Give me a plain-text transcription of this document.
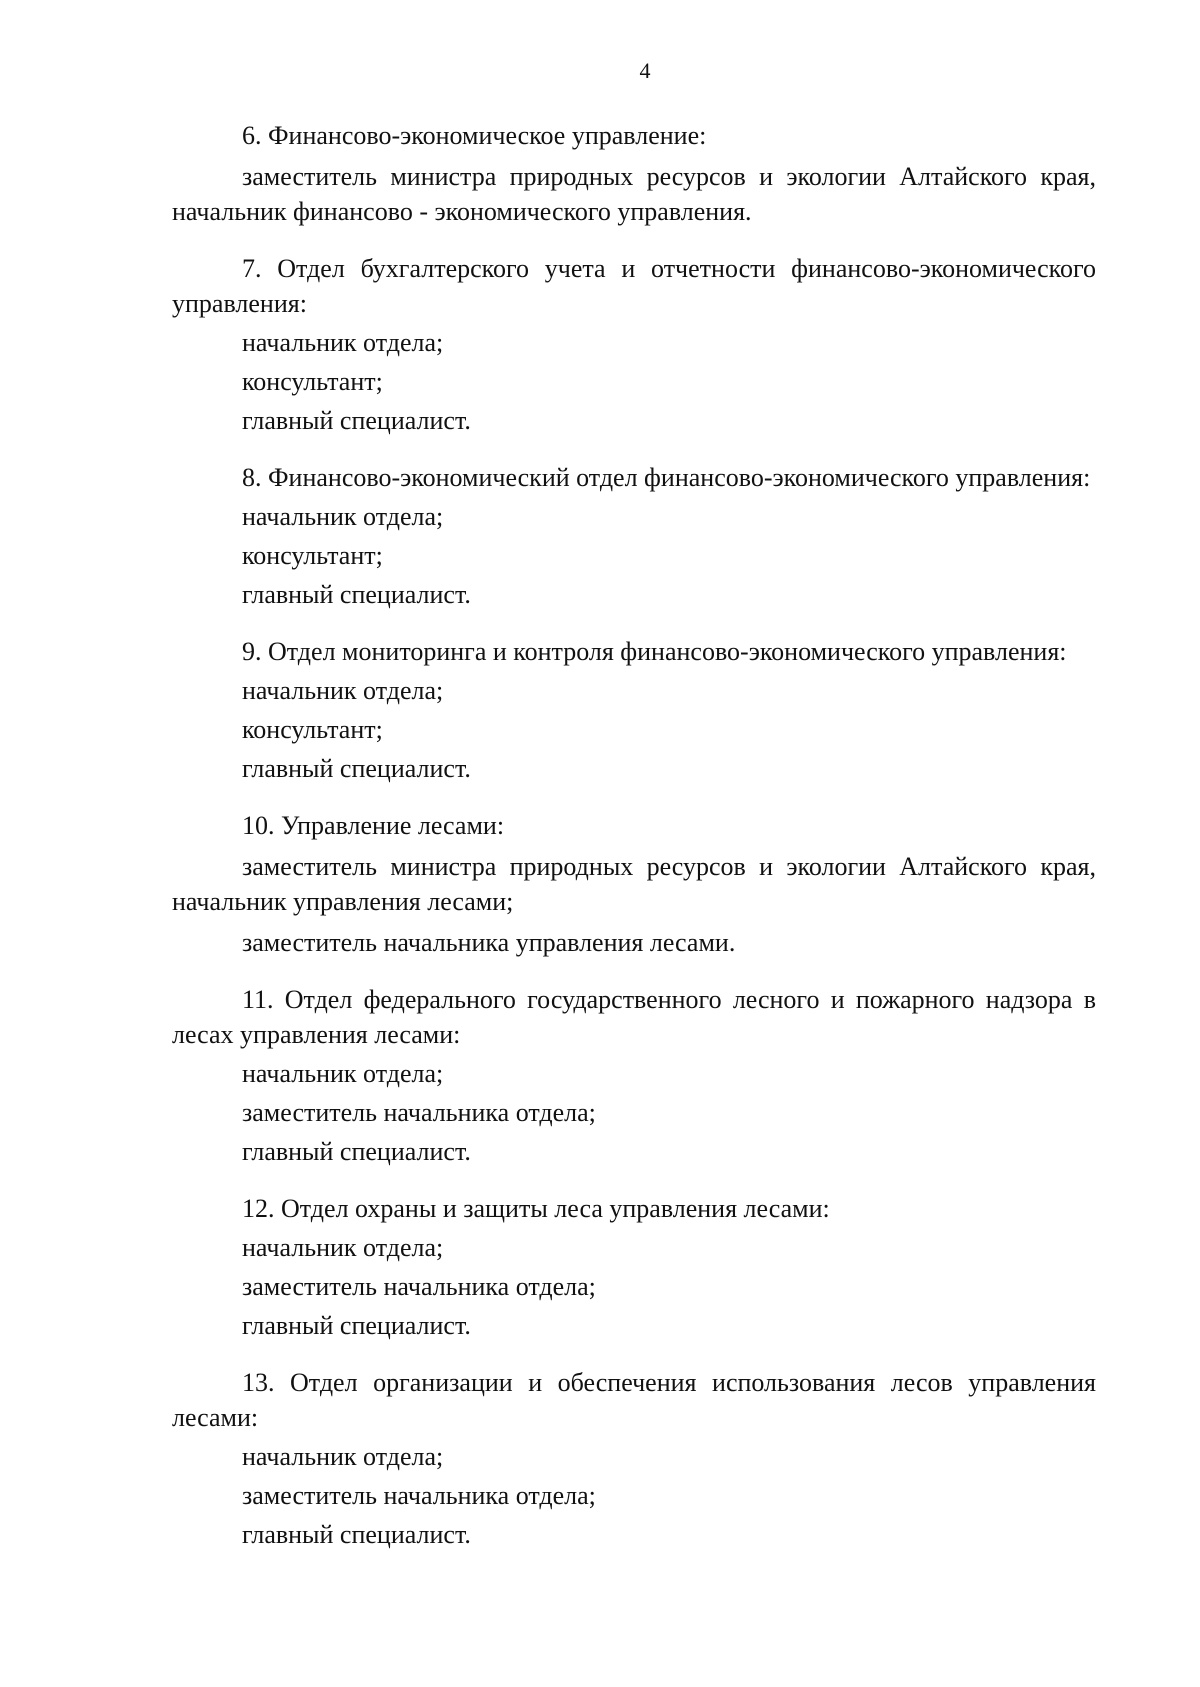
4

6. Финансово-экономическое управление:

заместитель министра природных ресурсов и экологии Алтайского края, начальник финансово - экономического управления.

7. Отдел бухгалтерского учета и отчетности финансово-экономического управления:

начальник отдела;

консультант;

главный специалист.

8. Финансово-экономический отдел финансово-экономического управления:

начальник отдела;

консультант;

главный специалист.

9. Отдел мониторинга и контроля финансово-экономического управления:

начальник отдела;

консультант;

главный специалист.

10. Управление лесами:

заместитель министра природных ресурсов и экологии Алтайского края, начальник управления лесами;

заместитель начальника управления лесами.

11. Отдел федерального государственного лесного и пожарного надзора в лесах управления лесами:

начальник отдела;

заместитель начальника отдела;

главный специалист.

12. Отдел охраны и защиты леса управления лесами:

начальник отдела;

заместитель начальника отдела;

главный специалист.

13. Отдел организации и обеспечения использования лесов управления лесами:

начальник отдела;

заместитель начальника отдела;

главный специалист.
